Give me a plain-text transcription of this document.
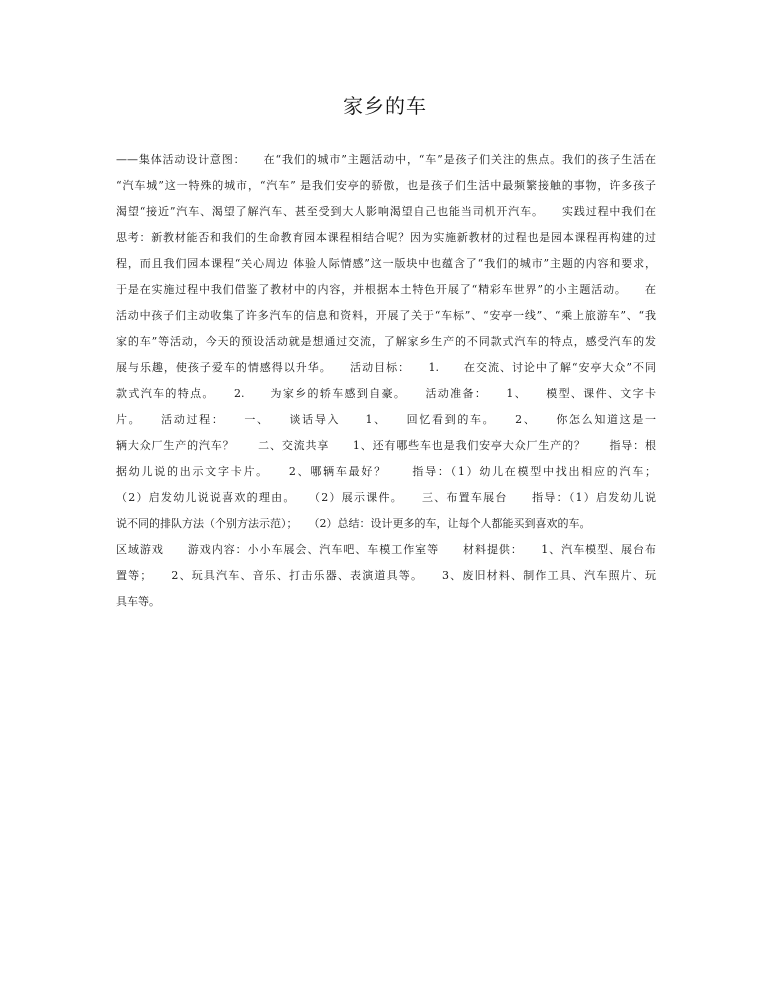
家乡的车
——集体活动设计意图：　　在“我们的城市”主题活动中，“车”是孩子们关注的焦点。我们的孩子生活在
“汽车城”这一特殊的城市，“汽车” 是我们安亭的骄傲，也是孩子们生活中最频繁接触的事物，许多孩子
渴望“接近”汽车、渴望了解汽车、甚至受到大人影响渴望自己也能当司机开汽车。　　实践过程中我们在
思考：新教材能否和我们的生命教育园本课程相结合呢？因为实施新教材的过程也是园本课程再构建的过
程，而且我们园本课程“关心周边 体验人际情感”这一版块中也蕴含了“我们的城市”主题的内容和要求，
于是在实施过程中我们借鉴了教材中的内容，并根据本土特色开展了“精彩车世界”的小主题活动。　　在
活动中孩子们主动收集了许多汽车的信息和资料，开展了关于“车标”、“安亭一线”、“乘上旅游车”、“我
家的车”等活动，今天的预设活动就是想通过交流，了解家乡生产的不同款式汽车的特点，感受汽车的发
展与乐趣，使孩子爱车的情感得以升华。　　活动目标：　　1.　　在交流、讨论中了解“安亭大众”不同
款式汽车的特点。　　2.　　为家乡的轿车感到自豪。　　活动准备：　　1、　　模型、课件、文字卡
片。　　活动过程：　　一、　　谈话导入　　1、　　回忆看到的车。　　2、　　你怎么知道这是一
辆大众厂生产的汽车？　　二、交流共享　　1、还有哪些车也是我们安亭大众厂生产的？　　指导：根
据幼儿说的出示文字卡片。　　2、哪辆车最好？　　指导：（1）幼儿在模型中找出相应的汽车；
（2）启发幼儿说说喜欢的理由。　　（2）展示课件。　　三、布置车展台　　指导：（1）启发幼儿说
说不同的排队方法（个别方法示范）；　　（2）总结：设计更多的车，让每个人都能买到喜欢的车。
区域游戏　　游戏内容：小小车展会、汽车吧、车模工作室等　　材料提供：　　1、汽车模型、展台布
置等；　　2、玩具汽车、音乐、打击乐器、表演道具等。　　3、废旧材料、制作工具、汽车照片、玩
具车等。
